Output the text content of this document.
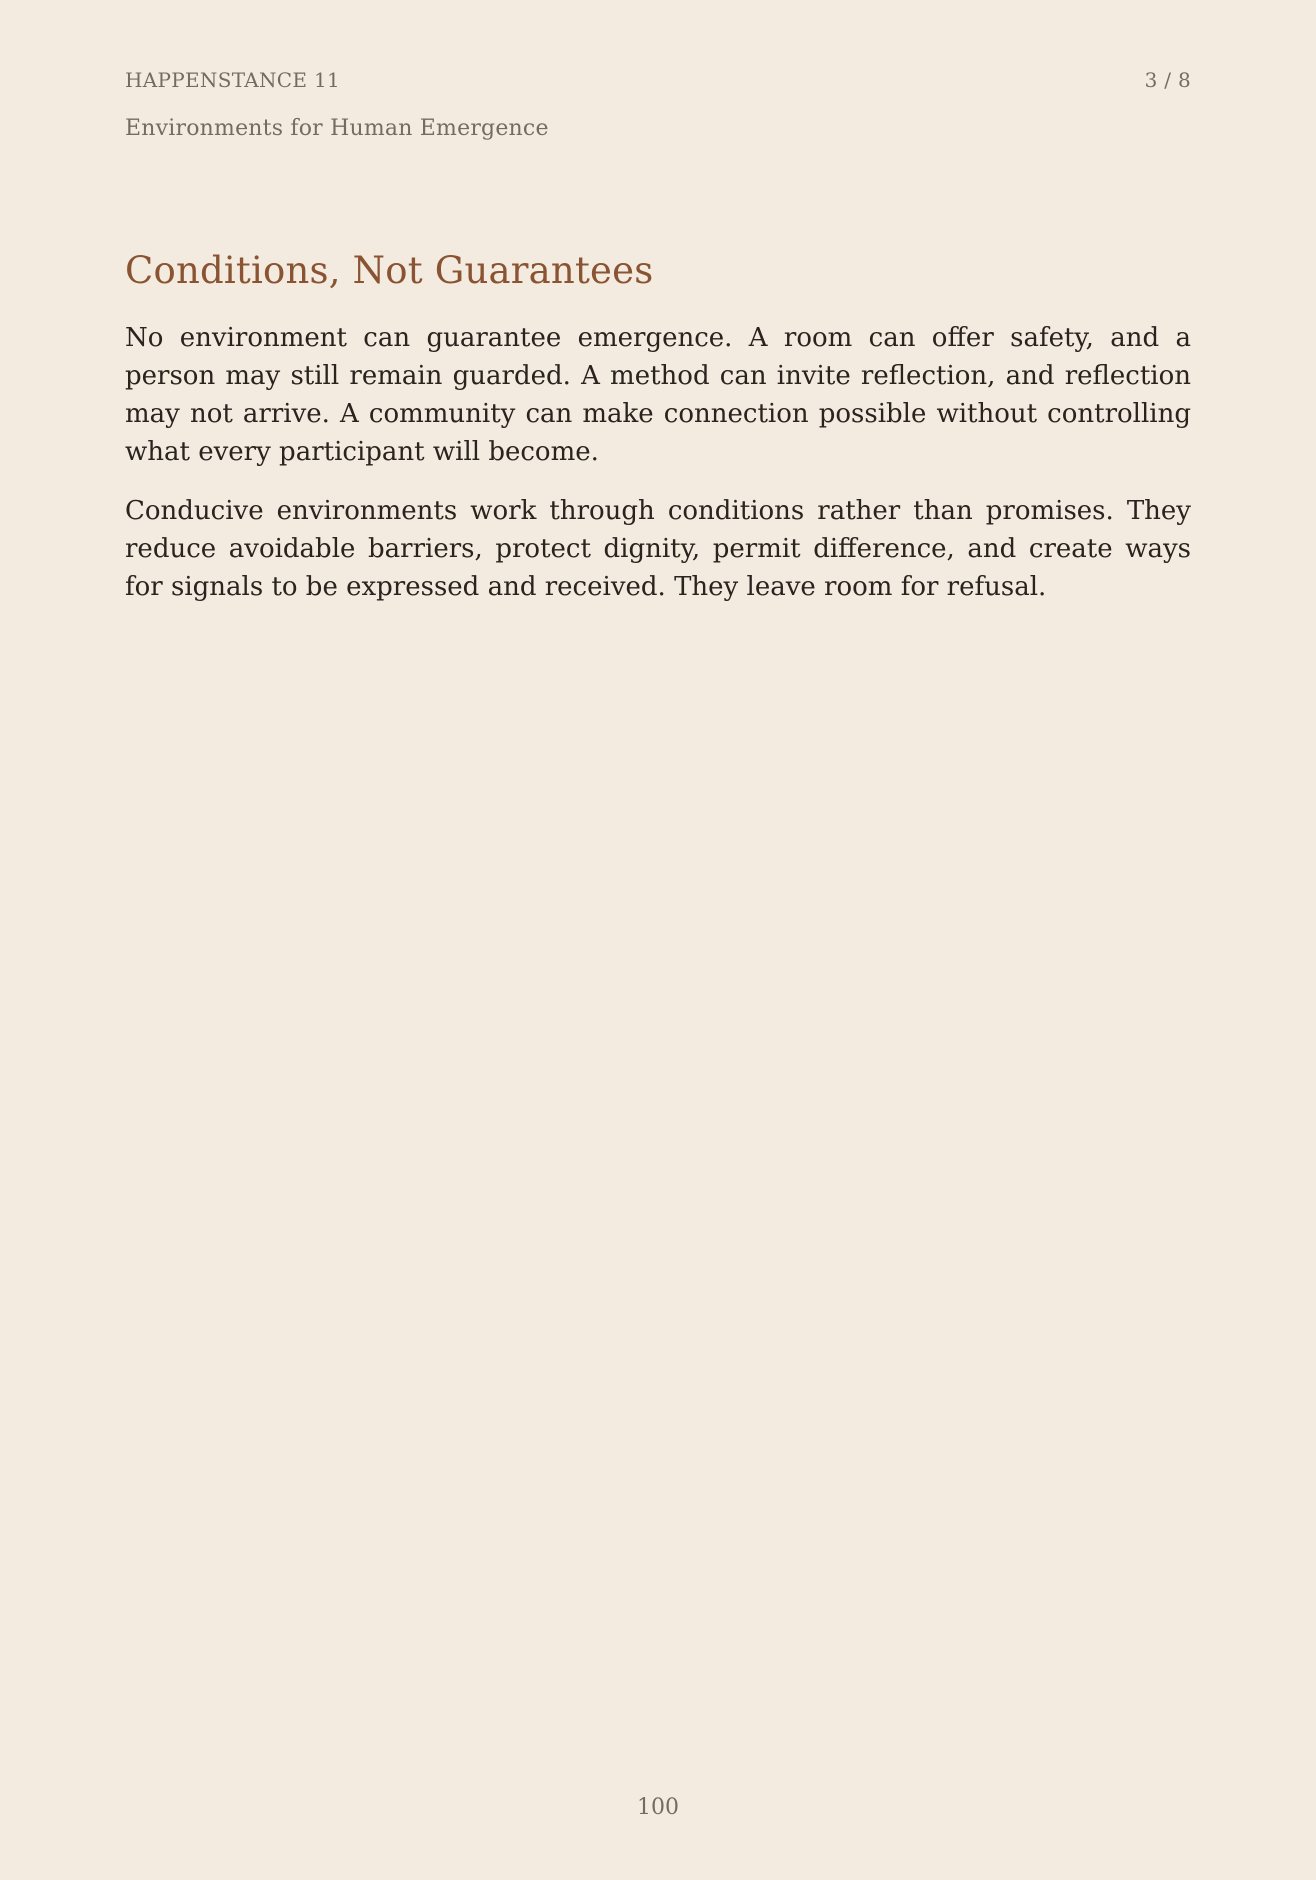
HAPPENSTANCE 11	3 / 8
Environments for Human Emergence
Conditions, Not Guarantees

No environment can guarantee emergence. A room can offer safety, and a person may still remain guarded. A method can invite reflection, and reflection may not arrive. A community can make connection possible without controlling what every participant will become.

Conducive environments work through conditions rather than promises. They reduce avoidable barriers, protect dignity, permit difference, and create ways for signals to be expressed and received. They leave room for refusal.

100
